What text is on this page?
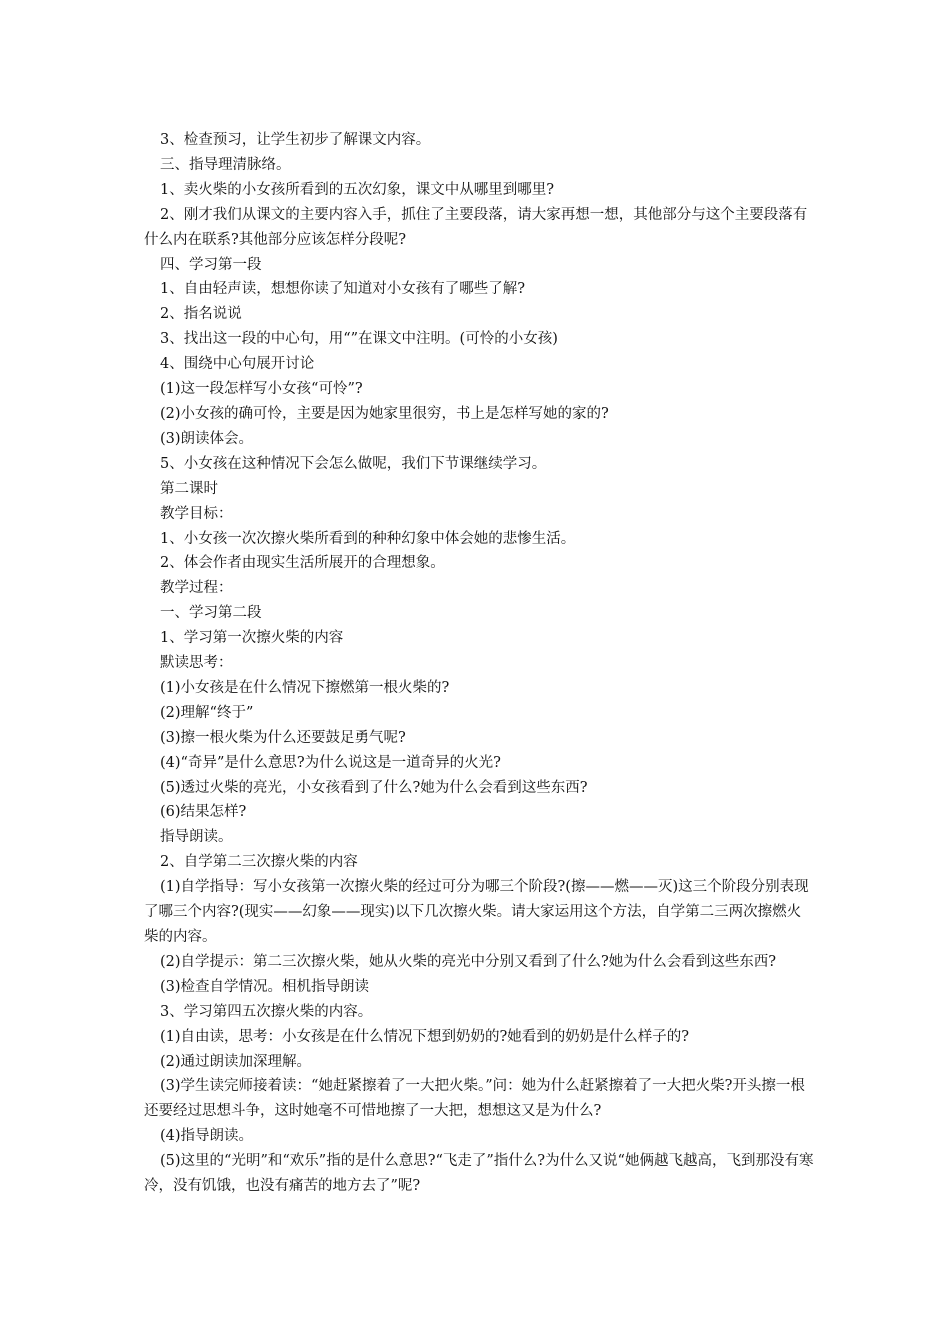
3、检查预习，让学生初步了解课文内容。

三、指导理清脉络。

1、卖火柴的小女孩所看到的五次幻象，课文中从哪里到哪里?

2、刚才我们从课文的主要内容入手，抓住了主要段落，请大家再想一想，其他部分与这个主要段落有什么内在联系?其他部分应该怎样分段呢?

四、学习第一段

1、自由轻声读，想想你读了知道对小女孩有了哪些了解?

2、指名说说

3、找出这一段的中心句，用“”在课文中注明。(可怜的小女孩)

4、围绕中心句展开讨论

(1)这一段怎样写小女孩“可怜”?

(2)小女孩的确可怜，主要是因为她家里很穷，书上是怎样写她的家的?

(3)朗读体会。

5、小女孩在这种情况下会怎么做呢，我们下节课继续学习。

第二课时

教学目标：

1、小女孩一次次擦火柴所看到的种种幻象中体会她的悲惨生活。

2、体会作者由现实生活所展开的合理想象。

教学过程：

一、学习第二段

1、学习第一次擦火柴的内容

默读思考：

(1)小女孩是在什么情况下擦燃第一根火柴的?

(2)理解“终于”

(3)擦一根火柴为什么还要鼓足勇气呢?

(4)“奇异”是什么意思?为什么说这是一道奇异的火光?

(5)透过火柴的亮光，小女孩看到了什么?她为什么会看到这些东西?

(6)结果怎样?

指导朗读。

2、自学第二三次擦火柴的内容

(1)自学指导：写小女孩第一次擦火柴的经过可分为哪三个阶段?(擦——燃——灭)这三个阶段分别表现了哪三个内容?(现实——幻象——现实)以下几次擦火柴。请大家运用这个方法，自学第二三两次擦燃火柴的内容。

(2)自学提示：第二三次擦火柴，她从火柴的亮光中分别又看到了什么?她为什么会看到这些东西?

(3)检查自学情况。相机指导朗读

3、学习第四五次擦火柴的内容。

(1)自由读，思考：小女孩是在什么情况下想到奶奶的?她看到的奶奶是什么样子的?

(2)通过朗读加深理解。

(3)学生读完师接着读：“她赶紧擦着了一大把火柴。”问：她为什么赶紧擦着了一大把火柴?开头擦一根还要经过思想斗争，这时她毫不可惜地擦了一大把，想想这又是为什么?

(4)指导朗读。

(5)这里的“光明”和“欢乐”指的是什么意思?“飞走了”指什么?为什么又说“她俩越飞越高，飞到那没有寒冷，没有饥饿，也没有痛苦的地方去了”呢?
